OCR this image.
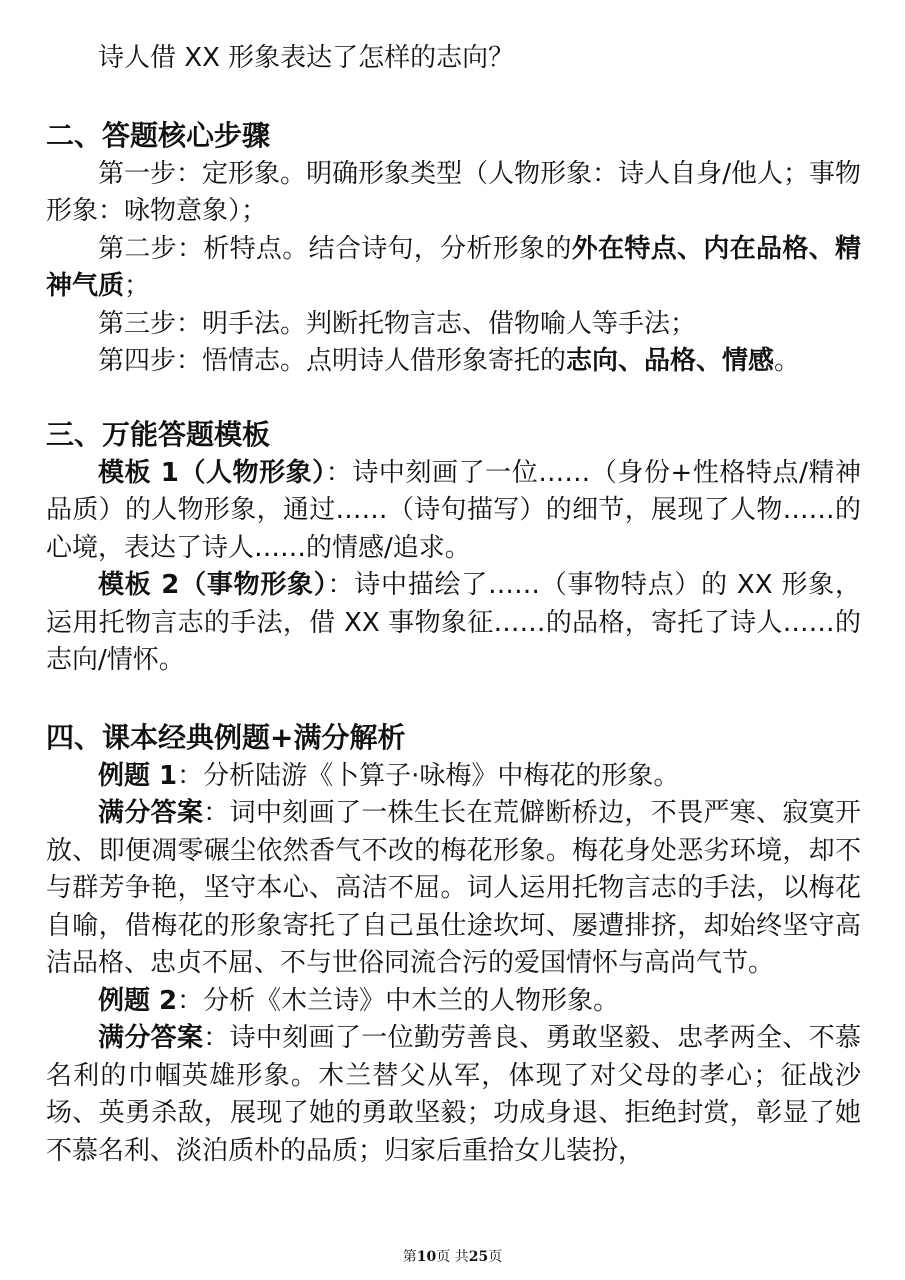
诗人借 XX 形象表达了怎样的志向？

二、答题核心步骤

第一步：定形象。明确形象类型（人物形象：诗人自身/他人；事物形象：咏物意象）；

第二步：析特点。结合诗句，分析形象的外在特点、内在品格、精神气质；

第三步：明手法。判断托物言志、借物喻人等手法；

第四步：悟情志。点明诗人借形象寄托的志向、品格、情感。

三、万能答题模板

模板 1（人物形象）：诗中刻画了一位……（身份+性格特点/精神品质）的人物形象，通过……（诗句描写）的细节，展现了人物……的心境，表达了诗人……的情感/追求。

模板 2（事物形象）：诗中描绘了……（事物特点）的 XX 形象，运用托物言志的手法，借 XX 事物象征……的品格，寄托了诗人……的志向/情怀。

四、课本经典例题+满分解析

例题 1：分析陆游《卜算子·咏梅》中梅花的形象。

满分答案：词中刻画了一株生长在荒僻断桥边，不畏严寒、寂寞开放、即便凋零碾尘依然香气不改的梅花形象。梅花身处恶劣环境，却不与群芳争艳，坚守本心、高洁不屈。词人运用托物言志的手法，以梅花自喻，借梅花的形象寄托了自己虽仕途坎坷、屡遭排挤，却始终坚守高洁品格、忠贞不屈、不与世俗同流合污的爱国情怀与高尚气节。

例题 2：分析《木兰诗》中木兰的人物形象。

满分答案：诗中刻画了一位勤劳善良、勇敢坚毅、忠孝两全、不慕名利的巾帼英雄形象。木兰替父从军，体现了对父母的孝心；征战沙场、英勇杀敌，展现了她的勇敢坚毅；功成身退、拒绝封赏，彰显了她不慕名利、淡泊质朴的品质；归家后重拾女儿装扮，

第10页 共25页
